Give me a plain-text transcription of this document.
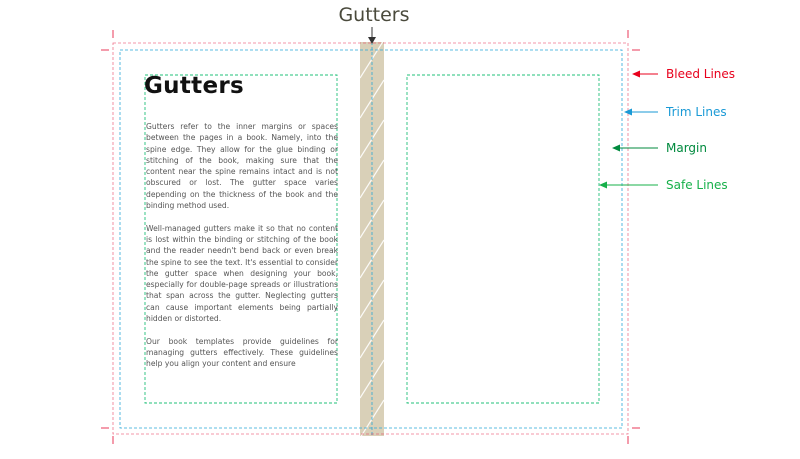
Gutters
Gutters

Gutters refer to the inner margins or spaces between the pages in a book. Namely, into the spine edge. They allow for the glue binding or stitching of the book, making sure that the content near the spine remains intact and is not obscured or lost. The gutter space varies depending on the thickness of the book and the binding method used.

Well-managed gutters make it so that no content is lost within the binding or stitching of the book and the reader needn't bend back or even break the spine to see the text. It's essential to consider the gutter space when designing your book, especially for double-page spreads or illustrations that span across the gutter. Neglecting gutters can cause important elements being partially hidden or distorted.

Our book templates provide guidelines for managing gutters effectively. These guidelines help you align your content and ensure

Bleed Lines
Trim Lines
Margin
Safe Lines
